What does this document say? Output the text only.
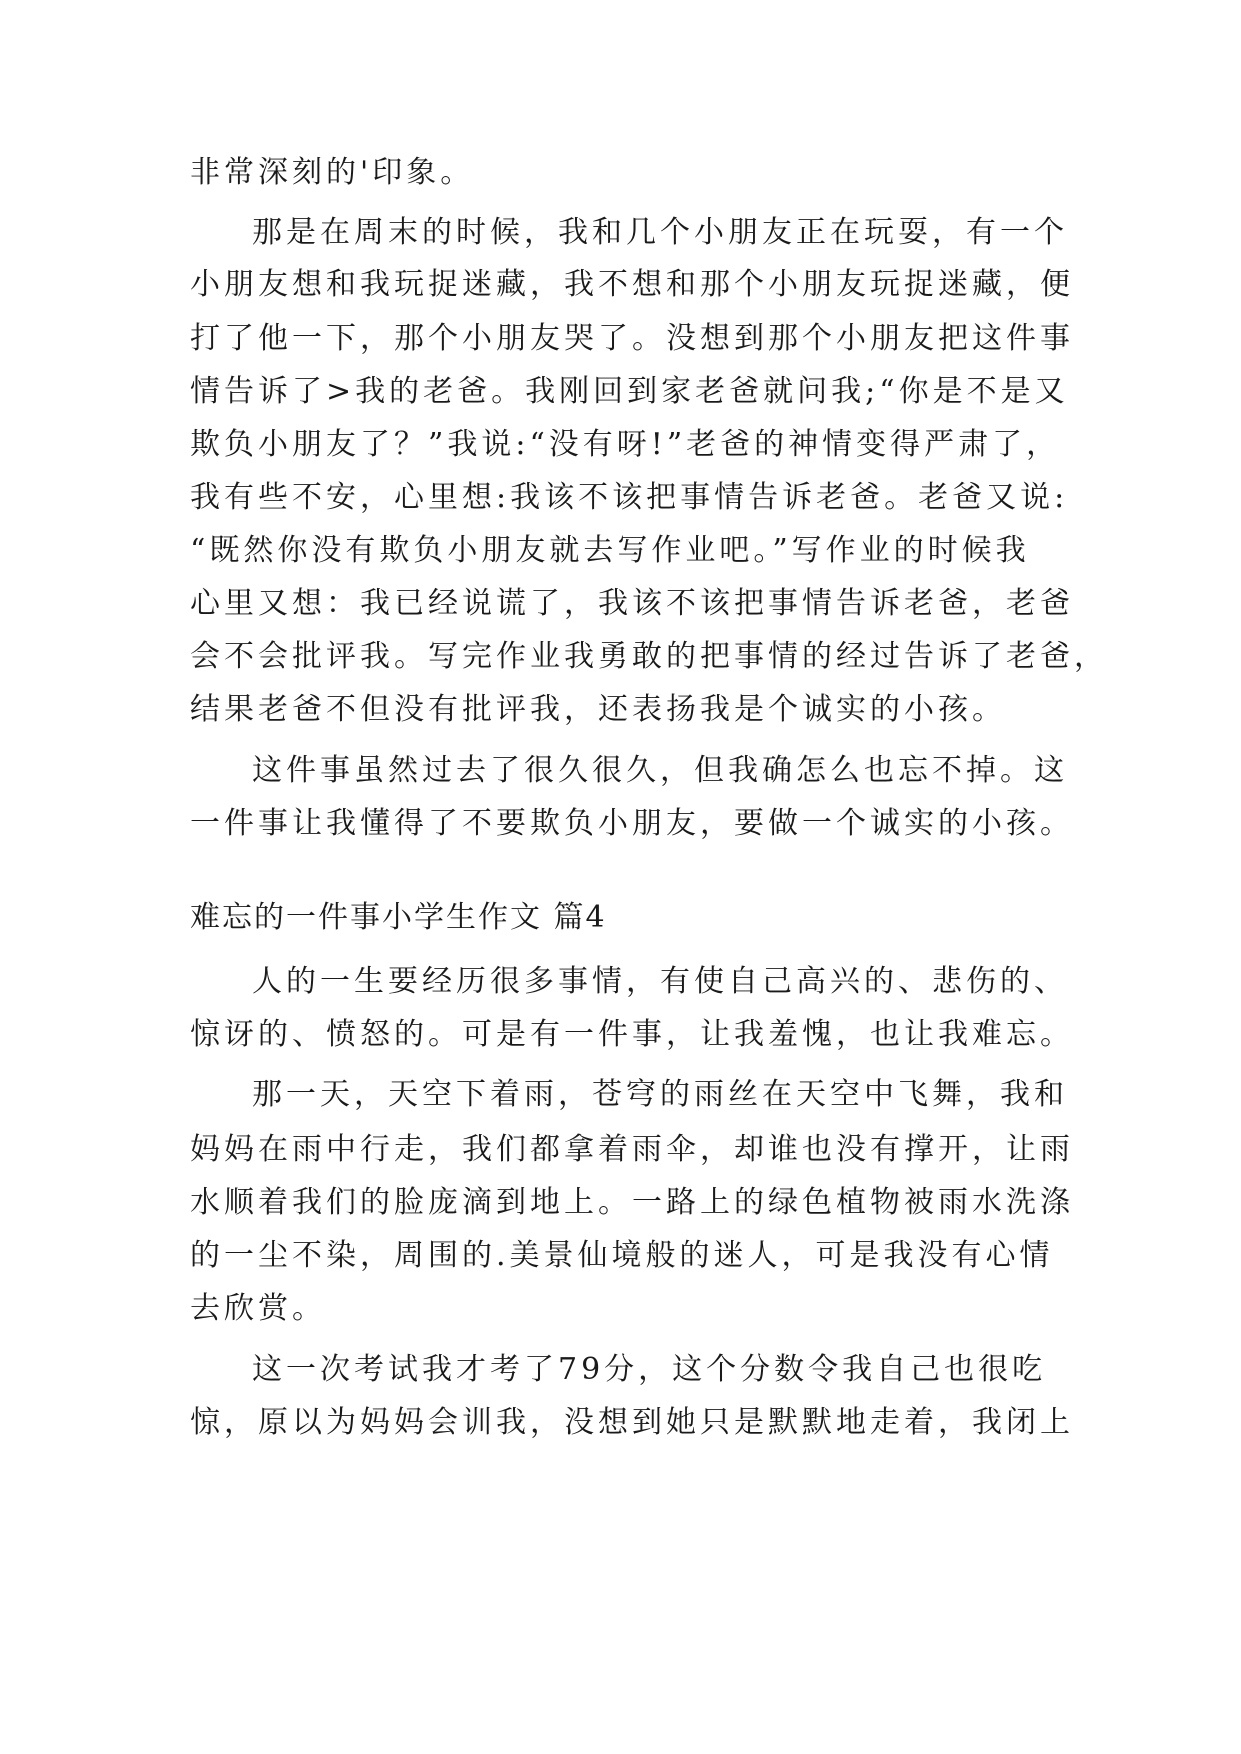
非常深刻的'印象。
那是在周末的时候，我和几个小朋友正在玩耍，有一个
小朋友想和我玩捉迷藏，我不想和那个小朋友玩捉迷藏，便
打了他一下，那个小朋友哭了。没想到那个小朋友把这件事
情告诉了>我的老爸。我刚回到家老爸就问我;“你是不是又
欺负小朋友了？”我说:“没有呀!”老爸的神情变得严肃了，
我有些不安，心里想:我该不该把事情告诉老爸。老爸又说:
“既然你没有欺负小朋友就去写作业吧。”写作业的时候我
心里又想：我已经说谎了，我该不该把事情告诉老爸，老爸
会不会批评我。写完作业我勇敢的把事情的经过告诉了老爸，
结果老爸不但没有批评我，还表扬我是个诚实的小孩。
这件事虽然过去了很久很久，但我确怎么也忘不掉。这
一件事让我懂得了不要欺负小朋友，要做一个诚实的小孩。
难忘的一件事小学生作文 篇4
人的一生要经历很多事情，有使自己高兴的、悲伤的、
惊讶的、愤怒的。可是有一件事，让我羞愧，也让我难忘。
那一天，天空下着雨，苍穹的雨丝在天空中飞舞，我和
妈妈在雨中行走，我们都拿着雨伞，却谁也没有撑开，让雨
水顺着我们的脸庞滴到地上。一路上的绿色植物被雨水洗涤
的一尘不染，周围的.美景仙境般的迷人，可是我没有心情
去欣赏。
这一次考试我才考了79分，这个分数令我自己也很吃
惊，原以为妈妈会训我，没想到她只是默默地走着，我闭上
